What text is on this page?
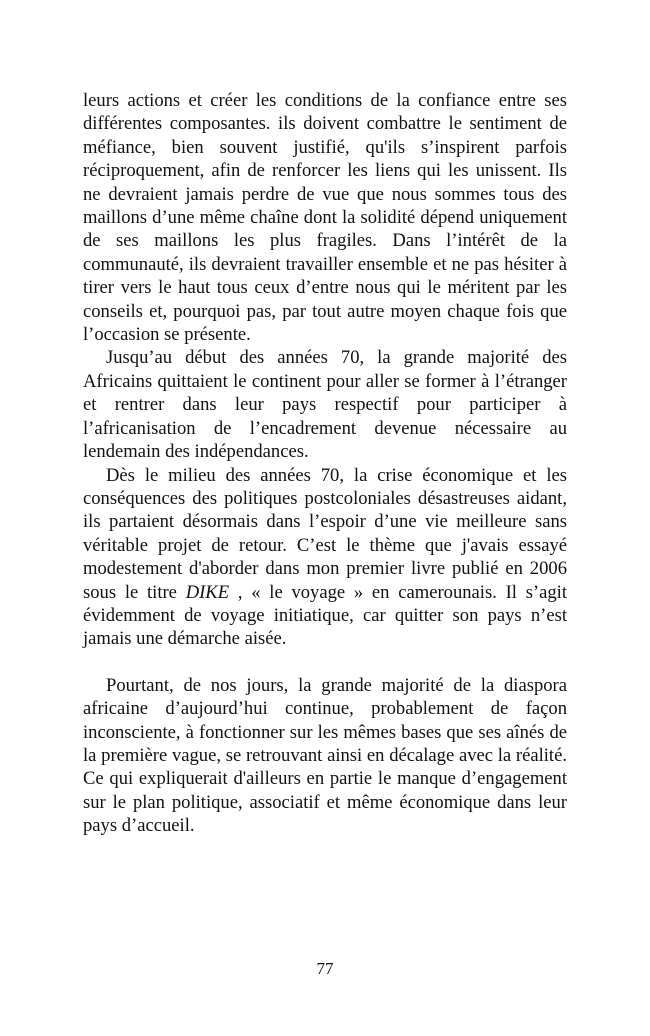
leurs actions et créer les conditions de la confiance entre ses différentes composantes. ils doivent combattre le sentiment de méfiance, bien souvent justifié, qu'ils s’inspirent parfois réciproquement, afin de renforcer les liens qui les unissent. Ils ne devraient jamais perdre de vue que nous sommes tous des maillons d’une même chaîne dont la solidité dépend uniquement de ses maillons les plus fragiles. Dans l’intérêt de la communauté, ils devraient travailler ensemble et ne pas hésiter à tirer vers le haut tous ceux d’entre nous qui le méritent par les conseils et, pourquoi pas, par tout autre moyen chaque fois que l’occasion se présente.

Jusqu’au début des années 70, la grande majorité des Africains quittaient le continent pour aller se former à l’étranger et rentrer dans leur pays respectif pour participer à l’africanisation de l’encadrement devenue nécessaire au lendemain des indépendances.

Dès le milieu des années 70, la crise économique et les conséquences des politiques postcoloniales désastreuses aidant, ils partaient désormais dans l’espoir d’une vie meilleure sans véritable projet de retour. C’est le thème que j'avais essayé modestement d'aborder dans mon premier livre publié en 2006 sous le titre DIKE , « le voyage » en camerounais. Il s’agit évidemment de voyage initiatique, car quitter son pays n’est jamais une démarche aisée.

Pourtant, de nos jours, la grande majorité de la diaspora africaine d’aujourd’hui continue, probablement de façon inconsciente, à fonctionner sur les mêmes bases que ses aînés de la première vague, se retrouvant ainsi en décalage avec la réalité. Ce qui expliquerait d'ailleurs en partie le manque d’engagement sur le plan politique, associatif et même économique dans leur pays d’accueil.

77
